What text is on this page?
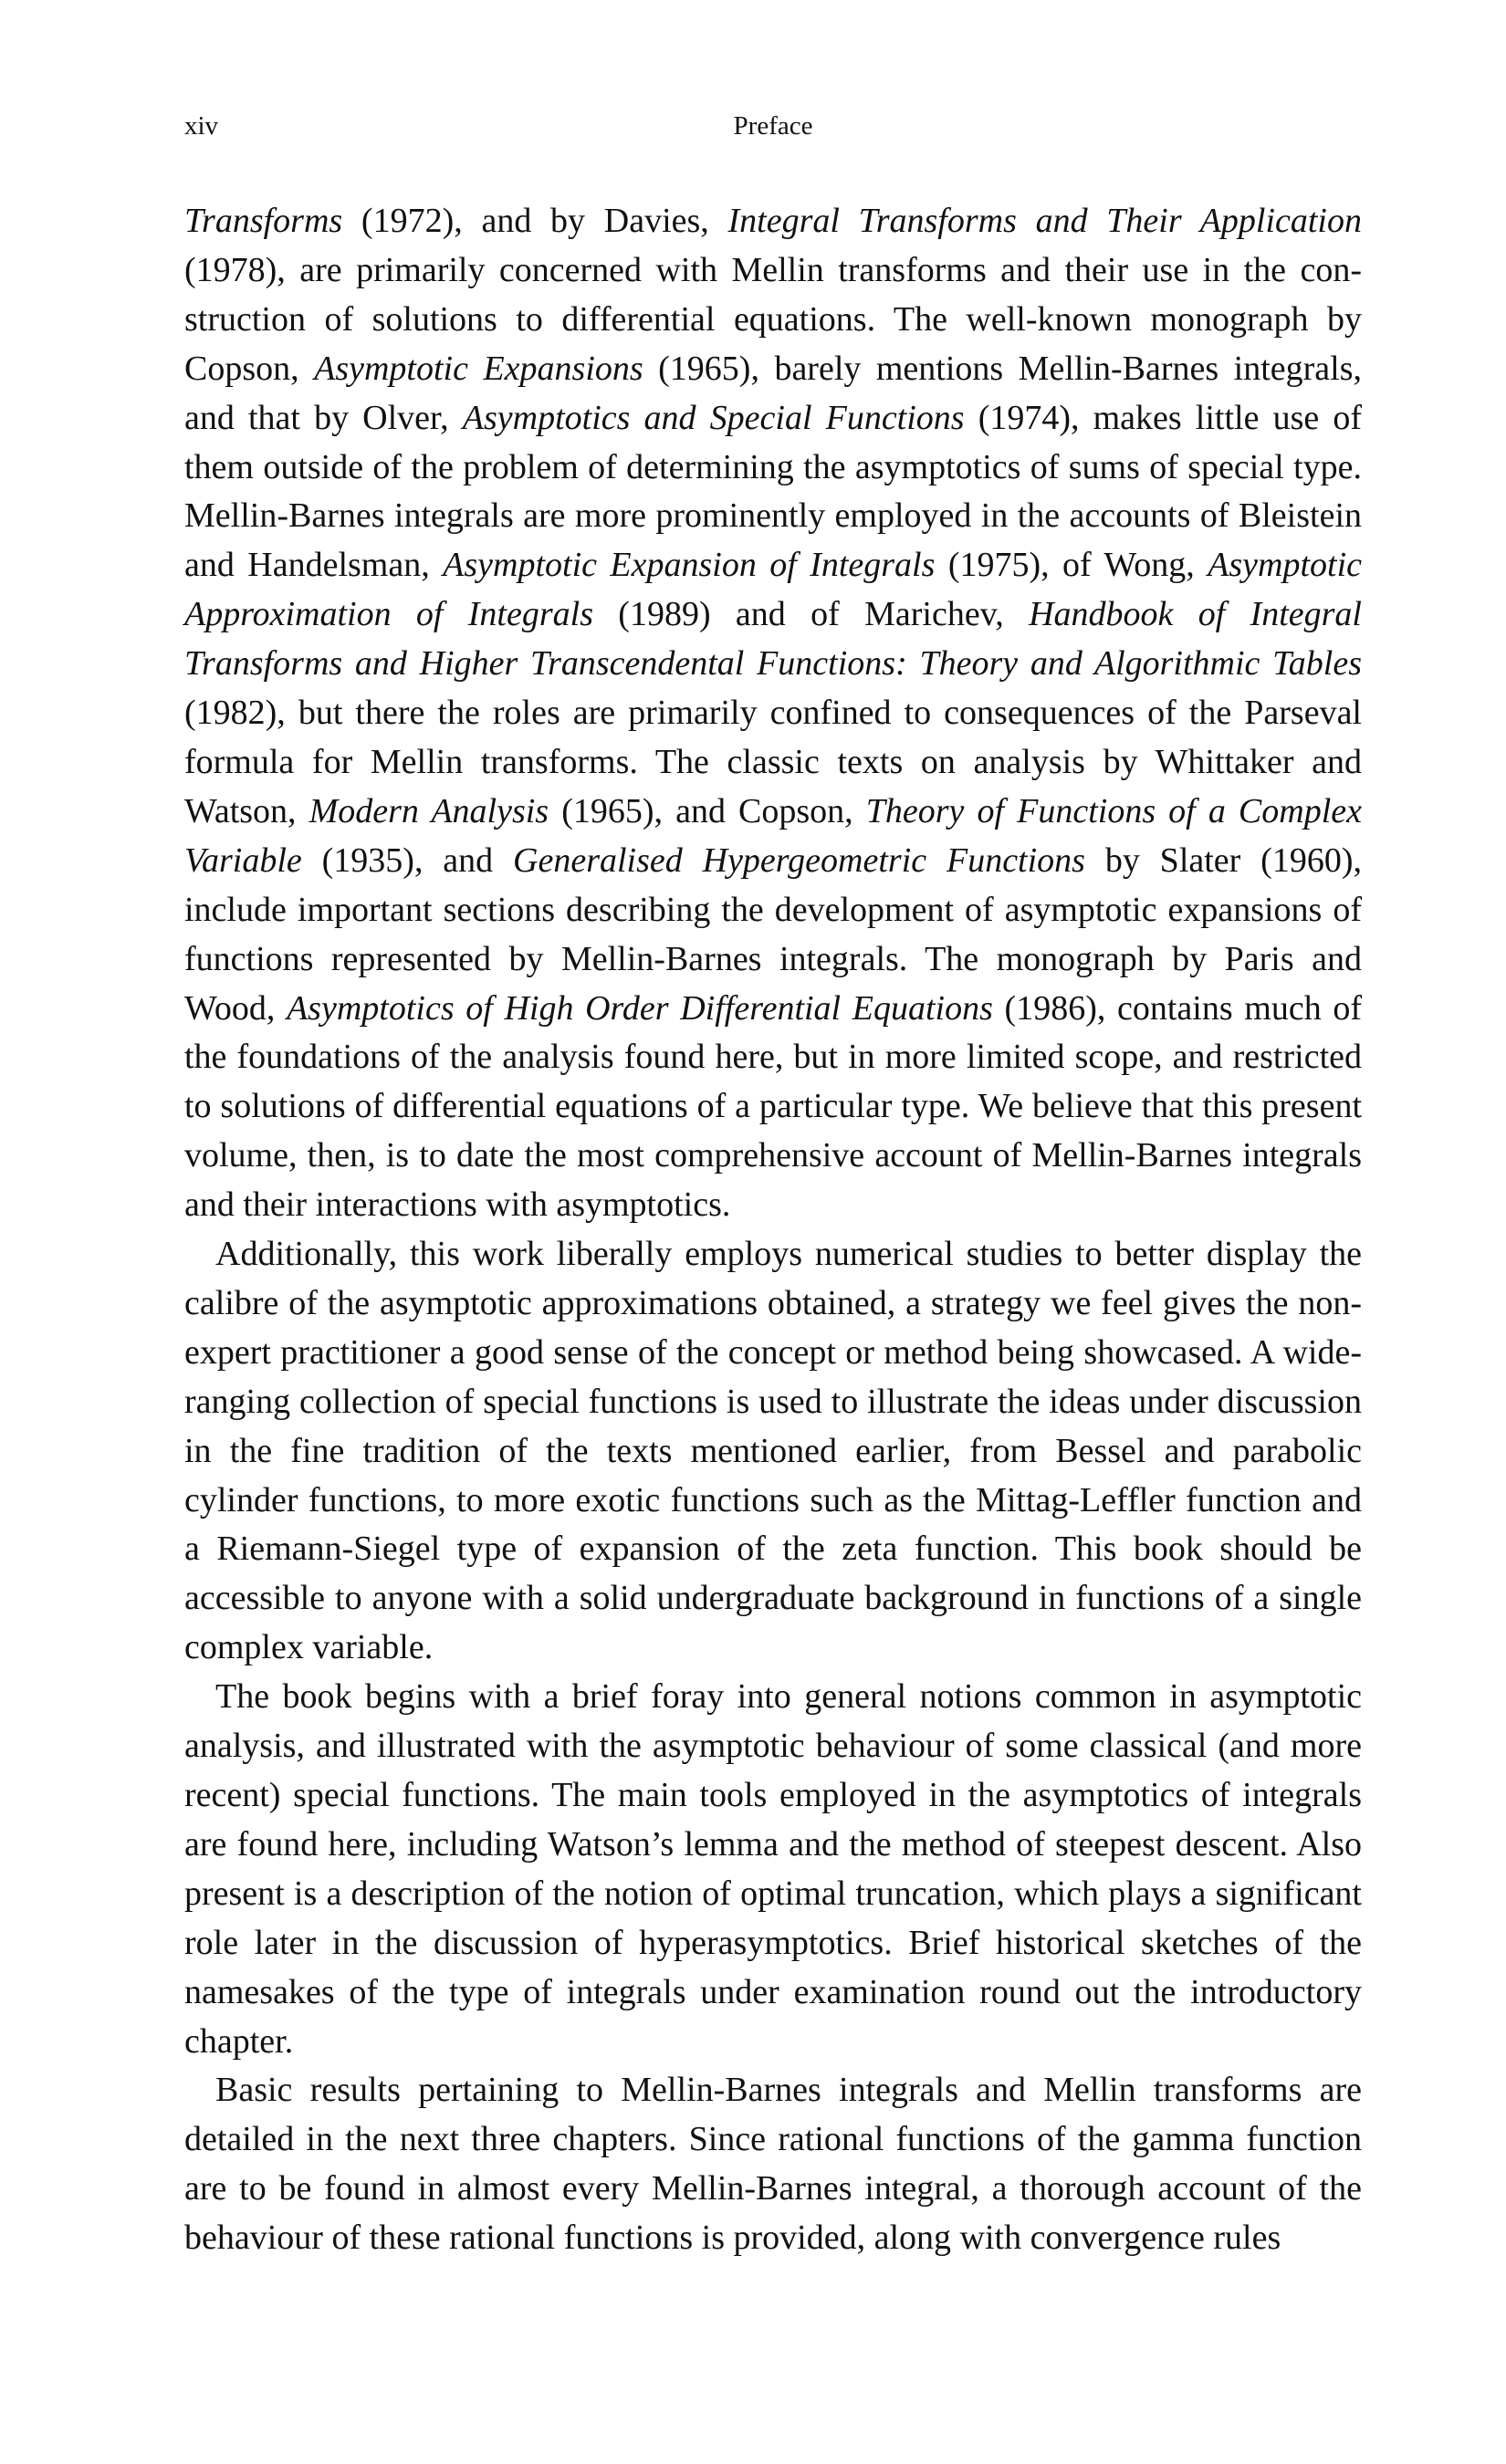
xiv	Preface

Transforms (1972), and by Davies, Integral Transforms and Their Application (1978), are primarily concerned with Mellin transforms and their use in the construction of solutions to differential equations. The well-known monograph by Copson, Asymptotic Expansions (1965), barely mentions Mellin-Barnes integrals, and that by Olver, Asymptotics and Special Functions (1974), makes little use of them outside of the problem of determining the asymptotics of sums of special type. Mellin-Barnes integrals are more prominently employed in the accounts of Bleistein and Handelsman, Asymptotic Expansion of Integrals (1975), of Wong, Asymptotic Approximation of Integrals (1989) and of Marichev, Handbook of Integral Transforms and Higher Transcendental Functions: Theory and Algorithmic Tables (1982), but there the roles are primarily confined to consequences of the Parseval formula for Mellin transforms. The classic texts on analysis by Whittaker and Watson, Modern Analysis (1965), and Copson, Theory of Functions of a Complex Variable (1935), and Generalised Hypergeometric Functions by Slater (1960), include important sections describing the development of asymptotic expansions of functions represented by Mellin-Barnes integrals. The monograph by Paris and Wood, Asymptotics of High Order Differential Equations (1986), contains much of the foundations of the analysis found here, but in more limited scope, and restricted to solutions of differential equations of a particular type. We believe that this present volume, then, is to date the most comprehensive account of Mellin-Barnes integrals and their interactions with asymptotics.

Additionally, this work liberally employs numerical studies to better display the calibre of the asymptotic approximations obtained, a strategy we feel gives the non-expert practitioner a good sense of the concept or method being showcased. A wide-ranging collection of special functions is used to illustrate the ideas under discussion in the fine tradition of the texts mentioned earlier, from Bessel and parabolic cylinder functions, to more exotic functions such as the Mittag-Leffler function and a Riemann-Siegel type of expansion of the zeta function. This book should be accessible to anyone with a solid undergraduate background in functions of a single complex variable.

The book begins with a brief foray into general notions common in asymptotic analysis, and illustrated with the asymptotic behaviour of some classical (and more recent) special functions. The main tools employed in the asymptotics of integrals are found here, including Watson’s lemma and the method of steepest descent. Also present is a description of the notion of optimal truncation, which plays a significant role later in the discussion of hyperasymptotics. Brief historical sketches of the namesakes of the type of integrals under examination round out the introductory chapter.

Basic results pertaining to Mellin-Barnes integrals and Mellin transforms are detailed in the next three chapters. Since rational functions of the gamma function are to be found in almost every Mellin-Barnes integral, a thorough account of the behaviour of these rational functions is provided, along with convergence rules
